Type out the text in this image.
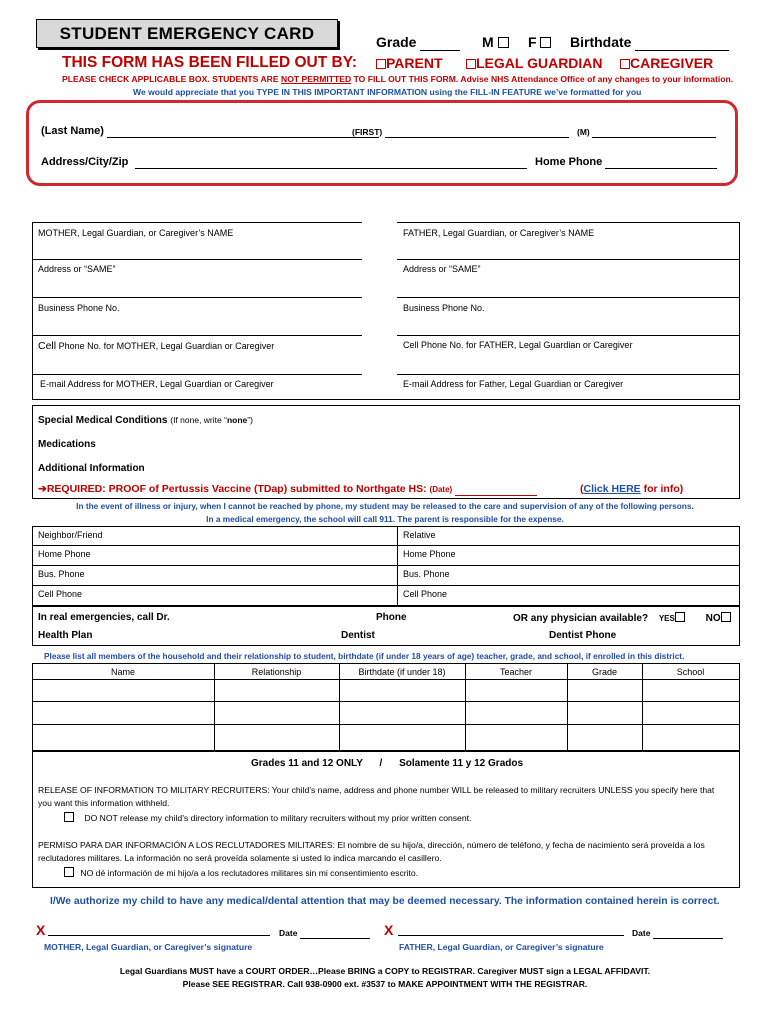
STUDENT EMERGENCY CARD	Grade	M	F	Birthdate
THIS FORM HAS BEEN FILLED OUT BY:	PARENT	LEGAL GUARDIAN	CAREGIVER
PLEASE CHECK APPLICABLE BOX. STUDENTS ARE NOT PERMITTED TO FILL OUT THIS FORM. Advise NHS Attendance Office of any changes to your information.
We would appreciate that you TYPE IN THIS IMPORTANT INFORMATION using the FILL-IN FEATURE we’ve formatted for you
(Last Name)	(FIRST)	(M)
Address/City/Zip	Home Phone
MOTHER, Legal Guardian, or Caregiver’s NAME	FATHER, Legal Guardian, or Caregiver’s NAME
Address or “SAME”	Address or “SAME”
Business Phone No.	Business Phone No.
Cell Phone No. for MOTHER, Legal Guardian or Caregiver	Cell Phone No. for FATHER, Legal Guardian or Caregiver
E-mail Address for MOTHER, Legal Guardian or Caregiver	E-mail Address for Father, Legal Guardian or Caregiver
Special Medical Conditions (If none, write “none”)
Medications
Additional Information
➔REQUIRED: PROOF of Pertussis Vaccine (TDap) submitted to Northgate HS: (Date)	(Click HERE for info)
In the event of illness or injury, when I cannot be reached by phone, my student may be released to the care and supervision of any of the following persons.
In a medical emergency, the school will call 911. The parent is responsible for the expense.
Neighbor/Friend	Relative
Home Phone	Home Phone
Bus. Phone	Bus. Phone
Cell Phone	Cell Phone
In real emergencies, call Dr.	Phone	OR any physician available? YES	NO
Health Plan	Dentist	Dentist Phone
Please list all members of the household and their relationship to student, birthdate (if under 18 years of age) teacher, grade, and school, if enrolled in this district.
Name	Relationship	Birthdate (if under 18)	Teacher	Grade	School
Grades 11 and 12 ONLY / Solamente 11 y 12 Grados
RELEASE OF INFORMATION TO MILITARY RECRUITERS: Your child’s name, address and phone number WILL be released to military recruiters UNLESS you specify here that you want this information withheld.
DO NOT release my child’s directory information to military recruiters without my prior written consent.
PERMISO PARA DAR INFORMACIÓN A LOS RECLUTADORES MILITARES: El nombre de su hijo/a, dirección, número de teléfono, y fecha de nacimiento será proveída a los reclutadores militares. La información no será proveída solamente si usted lo indica marcando el casillero.
NO dé información de mi hijo/a a los reclutadores militares sin mi consentimiento escrito.
I/We authorize my child to have any medical/dental attention that may be deemed necessary. The information contained herein is correct.
X	Date	X	Date
MOTHER, Legal Guardian, or Caregiver’s signature	FATHER, Legal Guardian, or Caregiver’s signature
Legal Guardians MUST have a COURT ORDER…Please BRING a COPY to REGISTRAR. Caregiver MUST sign a LEGAL AFFIDAVIT.
Please SEE REGISTRAR. Call 938-0900 ext. #3537 to MAKE APPOINTMENT WITH THE REGISTRAR.
